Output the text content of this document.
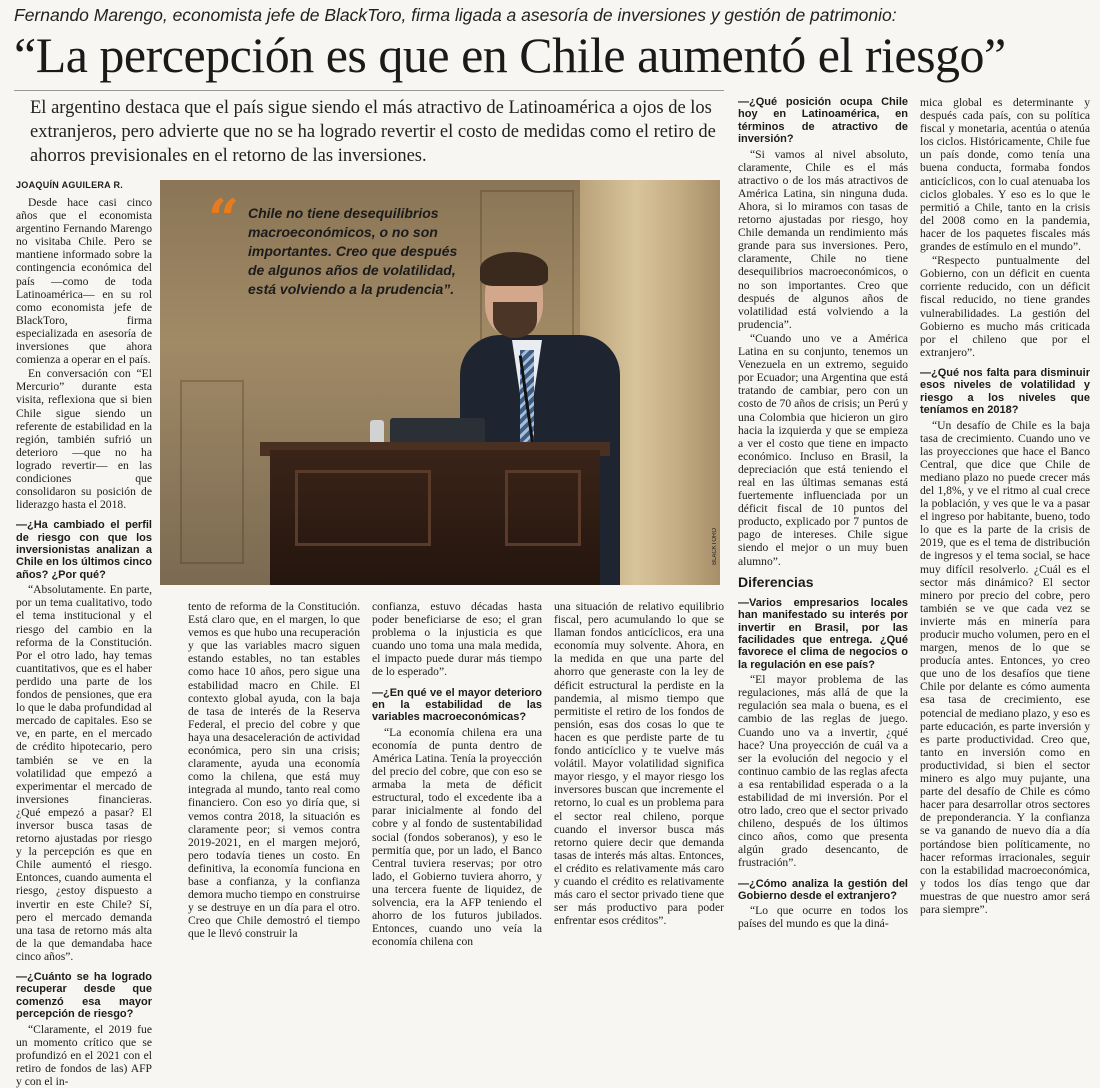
Fernando Marengo, economista jefe de BlackToro, firma ligada a asesoría de inversiones y gestión de patrimonio:
“La percepción es que en Chile aumentó el riesgo”
El argentino destaca que el país sigue siendo el más atractivo de Latinoamérica a ojos de los extranjeros, pero advierte que no se ha logrado revertir el costo de medidas como el retiro de ahorros previsionales en el retorno de las inversiones.
JOAQUÍN AGUILERA R.
“ Chile no tiene desequilibrios macroeconómicos, o no son importantes. Creo que después de algunos años de volatilidad, está volviendo a la prudencia”.
BLACKTORO

Desde hace casi cinco años que el economista argentino Fernando Marengo no visitaba Chile. Pero se mantiene informado sobre la contingencia económica del país —como de toda Latinoamérica— en su rol como economista jefe de BlackToro, firma especializada en asesoría de inversiones que ahora comienza a operar en el país.

En conversación con “El Mercurio” durante esta visita, reflexiona que si bien Chile sigue siendo un referente de estabilidad en la región, también sufrió un deterioro —que no ha logrado revertir— en las condiciones que consolidaron su posición de liderazgo hasta el 2018.

—¿Ha cambiado el perfil de riesgo con que los inversionistas analizan a Chile en los últimos cinco años? ¿Por qué?

“Absolutamente. En parte, por un tema cualitativo, todo el tema institucional y el riesgo del cambio en la reforma de la Constitución. Por el otro lado, hay temas cuantitativos, que es el haber perdido una parte de los fondos de pensiones, que era lo que le daba profundidad al mercado de capitales. Eso se ve, en parte, en el mercado de crédito hipotecario, pero también se ve en la volatilidad que empezó a experimentar el mercado de inversiones financieras. ¿Qué empezó a pasar? El inversor busca tasas de retorno ajustadas por riesgo y la percepción es que en Chile aumentó el riesgo. Entonces, cuando aumenta el riesgo, ¿estoy dispuesto a invertir en este Chile? Sí, pero el mercado demanda una tasa de retorno más alta de la que demandaba hace cinco años”.

—¿Cuánto se ha logrado recuperar desde que comenzó esa mayor percepción de riesgo?

“Claramente, el 2019 fue un momento crítico que se profundizó en el 2021 con el retiro de fondos de las) AFP y con el in-

tento de reforma de la Constitución. Está claro que, en el margen, lo que vemos es que hubo una recuperación y que las variables macro siguen estando estables, no tan estables como hace 10 años, pero sigue una estabilidad macro en Chile. El contexto global ayuda, con la baja de tasa de interés de la Reserva Federal, el precio del cobre y que haya una desaceleración de actividad económica, pero sin una crisis; claramente, ayuda una economía como la chilena, que está muy integrada al mundo, tanto real como financiero. Con eso yo diría que, si vemos contra 2018, la situación es claramente peor; si vemos contra 2019-2021, en el margen mejoró, pero todavía tienes un costo. En definitiva, la economía funciona en base a confianza, y la confianza demora mucho tiempo en construirse y se destruye en un día para el otro. Creo que Chile demostró el tiempo que le llevó construir la

confianza, estuvo décadas hasta poder beneficiarse de eso; el gran problema o la injusticia es que cuando uno toma una mala medida, el impacto puede durar más tiempo de lo esperado”.

—¿En qué ve el mayor deterioro en la estabilidad de las variables macroeconómicas?

“La economía chilena era una economía de punta dentro de América Latina. Tenía la proyección del precio del cobre, que con eso se armaba la meta de déficit estructural, todo el excedente iba a parar inicialmente al fondo del cobre y al fondo de sustentabilidad social (fondos soberanos), y eso le permitía que, por un lado, el Banco Central tuviera reservas; por otro lado, el Gobierno tuviera ahorro, y una tercera fuente de liquidez, de solvencia, era la AFP teniendo el ahorro de los futuros jubilados. Entonces, cuando uno veía la economía chilena con

una situación de relativo equilibrio fiscal, pero acumulando lo que se llaman fondos anticíclicos, era una economía muy solvente. Ahora, en la medida en que una parte del ahorro que generaste con la ley de déficit estructural la perdiste en la pandemia, al mismo tiempo que permitiste el retiro de los fondos de pensión, esas dos cosas lo que te hacen es que perdiste parte de tu fondo anticíclico y te vuelve más volátil. Mayor volatilidad significa mayor riesgo, y el mayor riesgo los inversores buscan que incremente el retorno, lo cual es un problema para el sector real chileno, porque cuando el inversor busca más retorno quiere decir que demanda tasas de interés más altas. Entonces, el crédito es relativamente más caro y cuando el crédito es relativamente más caro el sector privado tiene que ser más productivo para poder enfrentar esos créditos”.

—¿Qué posición ocupa Chile hoy en Latinoamérica, en términos de atractivo de inversión?

“Si vamos al nivel absoluto, claramente, Chile es el más atractivo o de los más atractivos de América Latina, sin ninguna duda. Ahora, si lo miramos con tasas de retorno ajustadas por riesgo, hoy Chile demanda un rendimiento más grande para sus inversiones. Pero, claramente, Chile no tiene desequilibrios macroeconómicos, o no son importantes. Creo que después de algunos años de volatilidad está volviendo a la prudencia”.

“Cuando uno ve a América Latina en su conjunto, tenemos un Venezuela en un extremo, seguido por Ecuador; una Argentina que está tratando de cambiar, pero con un costo de 70 años de crisis; un Perú y una Colombia que hicieron un giro hacia la izquierda y que se empieza a ver el costo que tiene en impacto económico. Incluso en Brasil, la depreciación que está teniendo el real en las últimas semanas está fuertemente influenciada por un déficit fiscal de 10 puntos del producto, explicado por 7 puntos de pago de intereses. Chile sigue siendo el mejor o un muy buen alumno”.

Diferencias

—Varios empresarios locales han manifestado su interés por invertir en Brasil, por las facilidades que entrega. ¿Qué favorece el clima de negocios o la regulación en ese país?

“El mayor problema de las regulaciones, más allá de que la regulación sea mala o buena, es el cambio de las reglas de juego. Cuando uno va a invertir, ¿qué hace? Una proyección de cuál va a ser la evolución del negocio y el continuo cambio de las reglas afecta a esa rentabilidad esperada o a la estabilidad de mi inversión. Por el otro lado, creo que el sector privado chileno, después de los últimos cinco años, como que presenta algún grado desencanto, de frustración”.

—¿Cómo analiza la gestión del Gobierno desde el extranjero?

“Lo que ocurre en todos los países del mundo es que la diná-

mica global es determinante y después cada país, con su política fiscal y monetaria, acentúa o atenúa los ciclos. Históricamente, Chile fue un país donde, como tenía una buena conducta, formaba fondos anticíclicos, con lo cual atenuaba los ciclos globales. Y eso es lo que le permitió a Chile, tanto en la crisis del 2008 como en la pandemia, hacer de los paquetes fiscales más grandes de estímulo en el mundo”.

“Respecto puntualmente del Gobierno, con un déficit en cuenta corriente reducido, con un déficit fiscal reducido, no tiene grandes vulnerabilidades. La gestión del Gobierno es mucho más criticada por el chileno que por el extranjero”.

—¿Qué nos falta para disminuir esos niveles de volatilidad y riesgo a los niveles que teníamos en 2018?

“Un desafío de Chile es la baja tasa de crecimiento. Cuando uno ve las proyecciones que hace el Banco Central, que dice que Chile de mediano plazo no puede crecer más del 1,8%, y ve el ritmo al cual crece la población, y ves que le va a pasar el ingreso por habitante, bueno, todo lo que es la parte de la crisis de 2019, que es el tema de distribución de ingresos y el tema social, se hace muy difícil resolverlo. ¿Cuál es el sector más dinámico? El sector minero por precio del cobre, pero también se ve que cada vez se invierte más en minería para producir mucho volumen, pero en el margen, menos de lo que se producía antes. Entonces, yo creo que uno de los desafíos que tiene Chile por delante es cómo aumenta esa tasa de crecimiento, ese potencial de mediano plazo, y eso es parte educación, es parte inversión y es parte productividad. Creo que, tanto en inversión como en productividad, si bien el sector minero es algo muy pujante, una parte del desafío de Chile es cómo hacer para desarrollar otros sectores de preponderancia. Y la confianza se va ganando de nuevo día a día portándose bien políticamente, no hacer reformas irracionales, seguir con la estabilidad macroeconómica, y todos los días tengo que dar muestras de que nuestro amor será para siempre”.
